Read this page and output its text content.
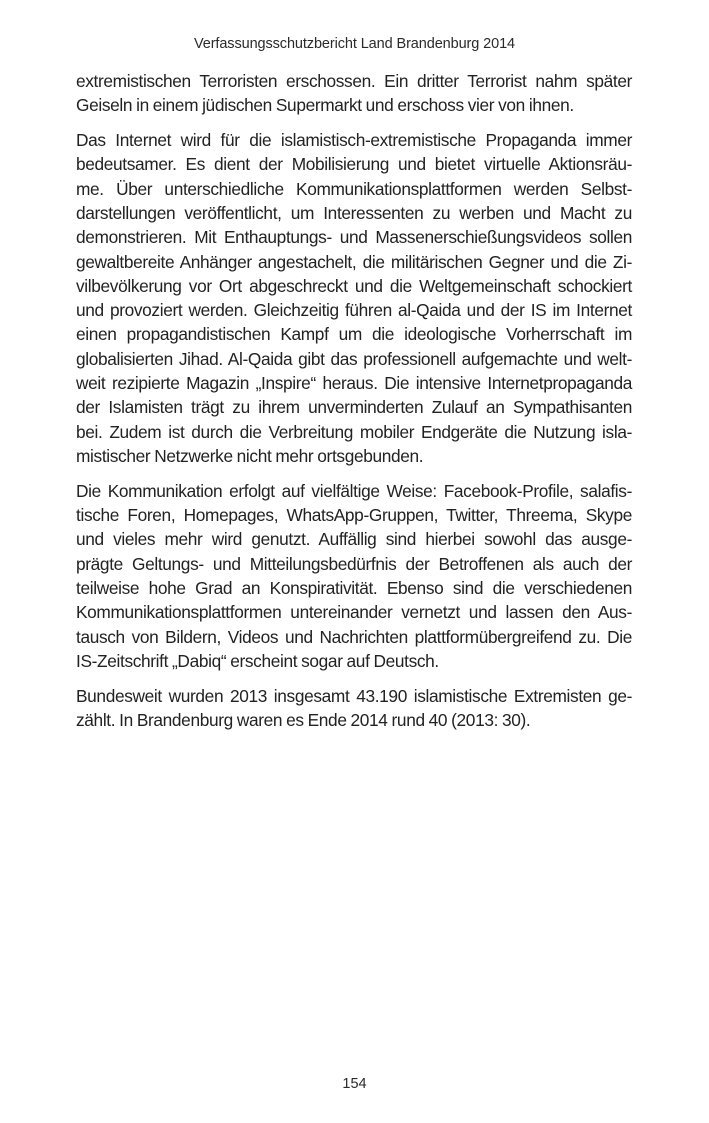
Verfassungsschutzbericht Land Brandenburg 2014

extremistischen Terroristen erschossen. Ein dritter Terrorist nahm später
Geiseln in einem jüdischen Supermarkt und erschoss vier von ihnen.

Das Internet wird für die islamistisch-extremistische Propaganda immer
bedeutsamer. Es dient der Mobilisierung und bietet virtuelle Aktionsräu-
me. Über unterschiedliche Kommunikationsplattformen werden Selbst-
darstellungen veröffentlicht, um Interessenten zu werben und Macht zu
demonstrieren. Mit Enthauptungs- und Massenerschießungsvideos sollen
gewaltbereite Anhänger angestachelt, die militärischen Gegner und die Zi-
vilbevölkerung vor Ort abgeschreckt und die Weltgemeinschaft schockiert
und provoziert werden. Gleichzeitig führen al-Qaida und der IS im Internet
einen propagandistischen Kampf um die ideologische Vorherrschaft im
globalisierten Jihad. Al-Qaida gibt das professionell aufgemachte und welt-
weit rezipierte Magazin „Inspire“ heraus. Die intensive Internetpropaganda
der Islamisten trägt zu ihrem unverminderten Zulauf an Sympathisanten
bei. Zudem ist durch die Verbreitung mobiler Endgeräte die Nutzung isla-
mistischer Netzwerke nicht mehr ortsgebunden.

Die Kommunikation erfolgt auf vielfältige Weise: Facebook-Profile, salafis-
tische Foren, Homepages, WhatsApp-Gruppen, Twitter, Threema, Skype
und vieles mehr wird genutzt. Auffällig sind hierbei sowohl das ausge-
prägte Geltungs- und Mitteilungsbedürfnis der Betroffenen als auch der
teilweise hohe Grad an Konspirativität. Ebenso sind die verschiedenen
Kommunikationsplattformen untereinander vernetzt und lassen den Aus-
tausch von Bildern, Videos und Nachrichten plattformübergreifend zu. Die
IS-Zeitschrift „Dabiq“ erscheint sogar auf Deutsch.

Bundesweit wurden 2013 insgesamt 43.190 islamistische Extremisten ge-
zählt. In Brandenburg waren es Ende 2014 rund 40 (2013: 30).

154
